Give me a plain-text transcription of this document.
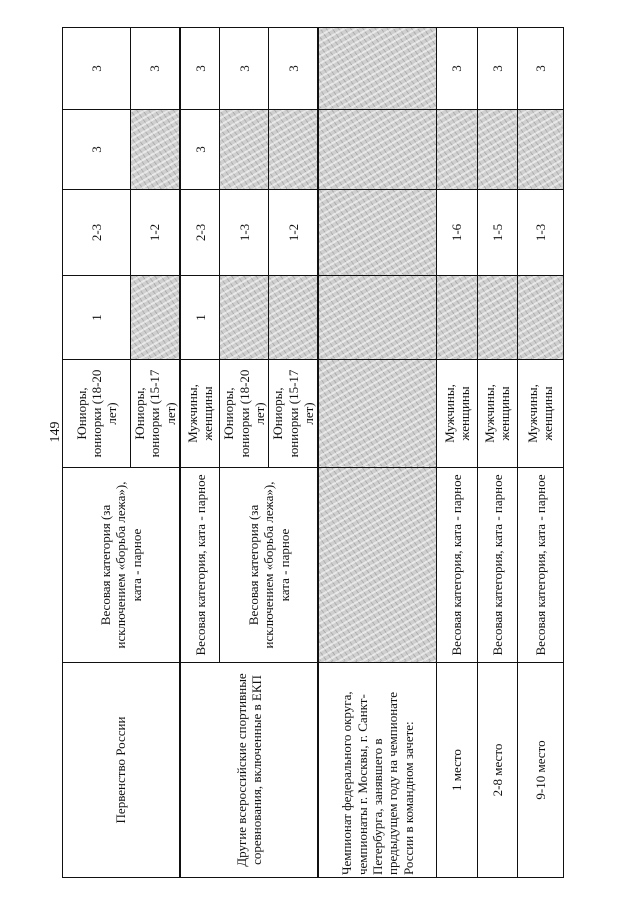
149
Первенство России	Весовая категория (за исключением «борьба лежа»), ката - парное	Юниоры, юниорки (18-20 лет)	1	2-3	3	3
		Юниоры, юниорки (15-17 лет)		1-2		3
Другие всероссийские спортивные соревнования, включенные в ЕКП	Весовая категория, ката - парное	Мужчины, женщины	1	2-3	3	3
	Весовая категория (за исключением «борьба лежа»), ката - парное	Юниоры, юниорки (18-20 лет)		1-3		3
		Юниоры, юниорки (15-17 лет)		1-2		3
Чемпионат федерального округа, чемпионаты г. Москвы, г. Санкт-Петербурга, занявшего в предыдущем году на чемпионате России в командном зачете:						
1 место	Весовая категория, ката - парное	Мужчины, женщины		1-6		3
2-8 место	Весовая категория, ката - парное	Мужчины, женщины		1-5		3
9-10 место	Весовая категория, ката - парное	Мужчины, женщины		1-3		3
